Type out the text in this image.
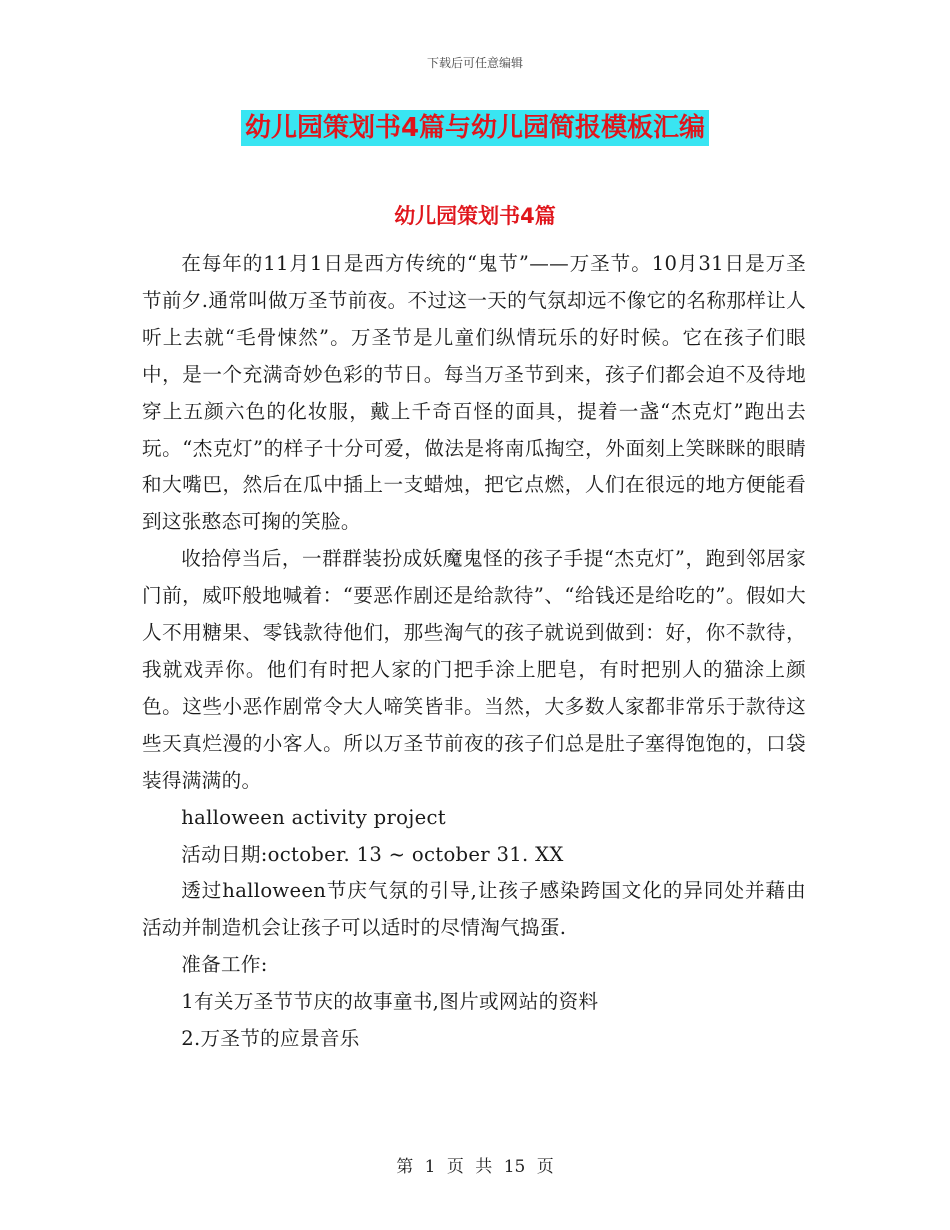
下载后可任意编辑
幼儿园策划书4篇与幼儿园简报模板汇编
幼儿园策划书4篇

在每年的11月1日是西方传统的“鬼节”——万圣节。10月31日是万圣节前夕.通常叫做万圣节前夜。不过这一天的气氛却远不像它的名称那样让人听上去就“毛骨悚然”。万圣节是儿童们纵情玩乐的好时候。它在孩子们眼中，是一个充满奇妙色彩的节日。每当万圣节到来，孩子们都会迫不及待地穿上五颜六色的化妆服，戴上千奇百怪的面具，提着一盏“杰克灯”跑出去玩。“杰克灯”的样子十分可爱，做法是将南瓜掏空，外面刻上笑眯眯的眼睛和大嘴巴，然后在瓜中插上一支蜡烛，把它点燃，人们在很远的地方便能看到这张憨态可掬的笑脸。

收拾停当后，一群群装扮成妖魔鬼怪的孩子手提“杰克灯”，跑到邻居家门前，威吓般地喊着：“要恶作剧还是给款待”、“给钱还是给吃的”。假如大人不用糖果、零钱款待他们，那些淘气的孩子就说到做到：好，你不款待，我就戏弄你。他们有时把人家的门把手涂上肥皂，有时把别人的猫涂上颜色。这些小恶作剧常令大人啼笑皆非。当然，大多数人家都非常乐于款待这些天真烂漫的小客人。所以万圣节前夜的孩子们总是肚子塞得饱饱的，口袋装得满满的。

halloween activity project

活动日期:october. 13 ~ october 31. XX

透过halloween节庆气氛的引导,让孩子感染跨国文化的异同处并藉由活动并制造机会让孩子可以适时的尽情淘气捣蛋.

准备工作:

1有关万圣节节庆的故事童书,图片或网站的资料

2.万圣节的应景音乐

第 1 页 共 15 页
